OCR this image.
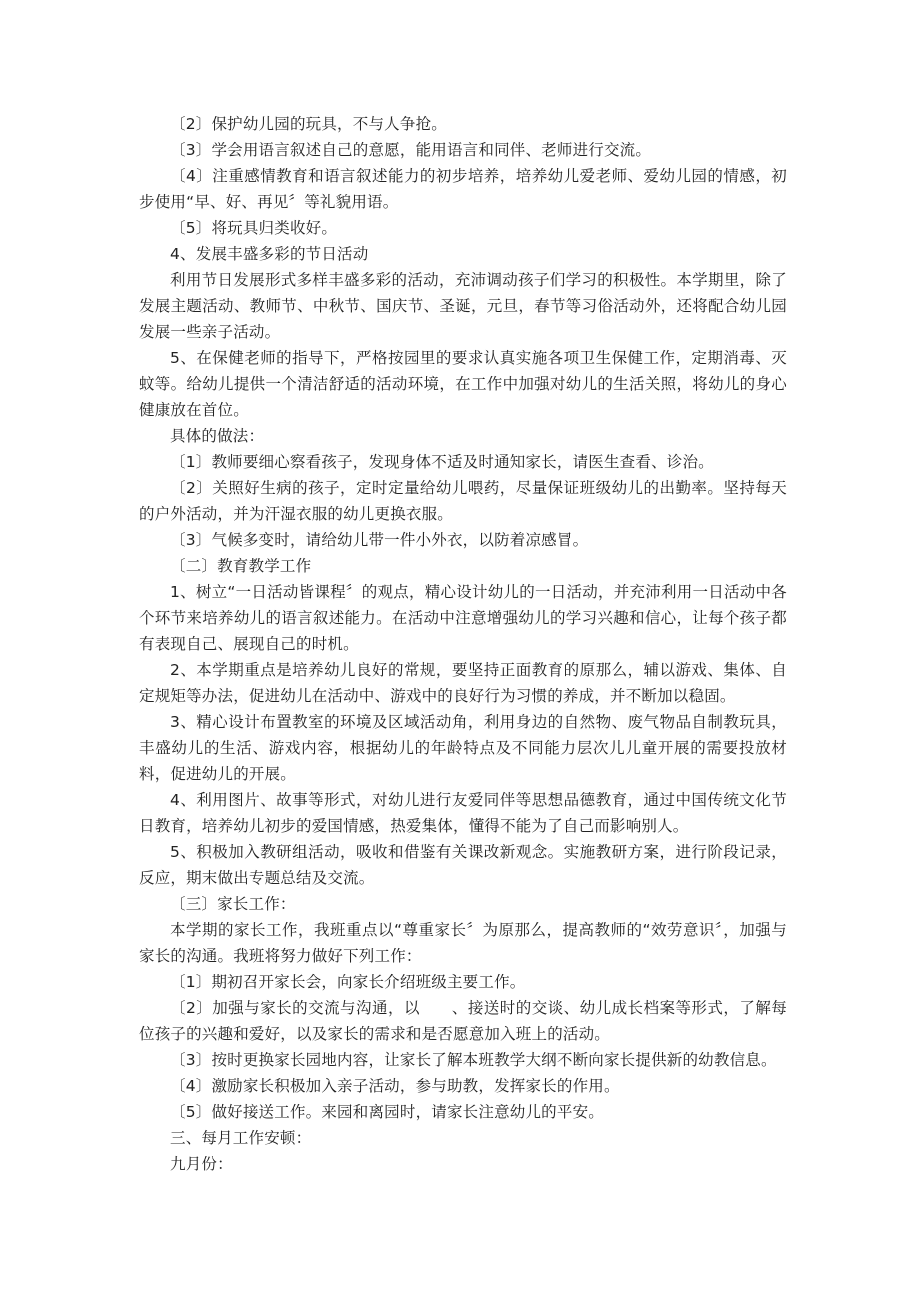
〔2〕保护幼儿园的玩具，不与人争抢。

〔3〕学会用语言叙述自己的意愿，能用语言和同伴、老师进行交流。

〔4〕注重感情教育和语言叙述能力的初步培养，培养幼儿爱老师、爱幼儿园的情感，初步使用“早、好、再见〞等礼貌用语。

〔5〕将玩具归类收好。

4、发展丰盛多彩的节日活动

利用节日发展形式多样丰盛多彩的活动，充沛调动孩子们学习的积极性。本学期里，除了发展主题活动、教师节、中秋节、国庆节、圣诞，元旦，春节等习俗活动外，还将配合幼儿园发展一些亲子活动。

5、在保健老师的指导下，严格按园里的要求认真实施各项卫生保健工作，定期消毒、灭蚊等。给幼儿提供一个清洁舒适的活动环境，在工作中加强对幼儿的生活关照，将幼儿的身心健康放在首位。

具体的做法：

〔1〕教师要细心察看孩子，发现身体不适及时通知家长，请医生查看、诊治。

〔2〕关照好生病的孩子，定时定量给幼儿喂药，尽量保证班级幼儿的出勤率。坚持每天的户外活动，并为汗湿衣服的幼儿更换衣服。

〔3〕气候多变时，请给幼儿带一件小外衣，以防着凉感冒。

〔二〕教育教学工作

1、树立“一日活动皆课程〞的观点，精心设计幼儿的一日活动，并充沛利用一日活动中各个环节来培养幼儿的语言叙述能力。在活动中注意增强幼儿的学习兴趣和信心，让每个孩子都有表现自己、展现自己的时机。

2、本学期重点是培养幼儿良好的常规，要坚持正面教育的原那么，辅以游戏、集体、自定规矩等办法，促进幼儿在活动中、游戏中的良好行为习惯的养成，并不断加以稳固。

3、精心设计布置教室的环境及区域活动角，利用身边的自然物、废气物品自制教玩具，丰盛幼儿的生活、游戏内容，根据幼儿的年龄特点及不同能力层次儿儿童开展的需要投放材料，促进幼儿的开展。

4、利用图片、故事等形式，对幼儿进行友爱同伴等思想品德教育，通过中国传统文化节日教育，培养幼儿初步的爱国情感，热爱集体，懂得不能为了自己而影响别人。

5、积极加入教研组活动，吸收和借鉴有关课改新观念。实施教研方案，进行阶段记录，反应，期末做出专题总结及交流。

〔三〕家长工作：

本学期的家长工作，我班重点以“尊重家长〞为原那么，提高教师的“效劳意识〞，加强与家长的沟通。我班将努力做好下列工作：

〔1〕期初召开家长会，向家长介绍班级主要工作。

〔2〕加强与家长的交流与沟通，以　　、接送时的交谈、幼儿成长档案等形式，了解每位孩子的兴趣和爱好，以及家长的需求和是否愿意加入班上的活动。

〔3〕按时更换家长园地内容，让家长了解本班教学大纲不断向家长提供新的幼教信息。

〔4〕激励家长积极加入亲子活动，参与助教，发挥家长的作用。

〔5〕做好接送工作。来园和离园时，请家长注意幼儿的平安。

三、每月工作安顿：

九月份：
